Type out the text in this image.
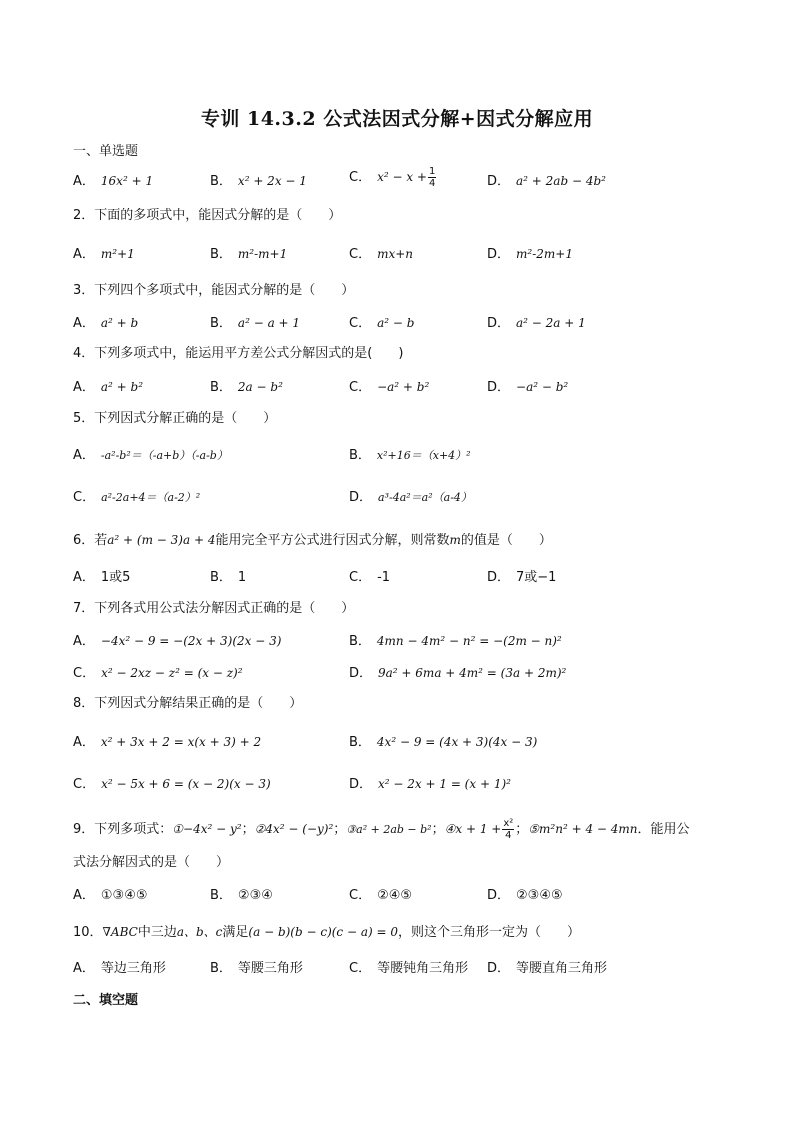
专训 14.3.2 公式法因式分解+因式分解应用
一、单选题
A． 16x² + 1	B． x² + 2x − 1	C． $x^2 - x + \frac{1}{4}$	D． a² + 2ab − 4b²
2．下面的多项式中，能因式分解的是（　　）
A． m²+1	B． m²-m+1	C． mx+n	D． m²-2m+1
3．下列四个多项式中，能因式分解的是（　　）
A． a² + b	B． a² − a + 1	C． a² − b	D． a² − 2a + 1
4．下列多项式中，能运用平方差公式分解因式的是(　　)
A． a² + b²	B． 2a − b²	C． −a² + b²	D． −a² − b²
5．下列因式分解正确的是（　　）
A． -a²-b²＝（-a+b）（-a-b）	B． x²+16＝（x+4）²
C． a²-2a+4＝（a-2）²	D． a³-4a²＝a²（a-4）
6．若a² + (m − 3)a + 4能用完全平方公式进行因式分解，则常数m的值是（　　）
A． 1或5	B． 1	C． -1	D． 7或−1
7．下列各式用公式法分解因式正确的是（　　）
A． −4x² − 9 = −(2x + 3)(2x − 3)	B． 4mn − 4m² − n² = −(2m − n)²
C． x² − 2xz − z² = (x − z)²	D． 9a² + 6ma + 4m² = (3a + 2m)²
8．下列因式分解结果正确的是（　　）
A． x² + 3x + 2 = x(x + 3) + 2	B． 4x² − 9 = (4x + 3)(4x − 3)
C． x² − 5x + 6 = (x − 2)(x − 3)	D． x² − 2x + 1 = (x + 1)²
9．下列多项式：①−4x² − y²；②4x² − (−y)²；③a² + 2ab − b²；④x + $1 + \frac{\text{x²}}{4}$ ；⑤m²n² + 4 − 4mn．能用公
式法分解因式的是（　　）
A． ①③④⑤	B． ②③④	C． ②④⑤	D． ②③④⑤
10．∇ABC中三边a、b、c满足(a − b)(b − c)(c − a) = 0，则这个三角形一定为（　　）
A． 等边三角形	B． 等腰三角形	C． 等腰钝角三角形 D． 等腰直角三角形
二、填空题
